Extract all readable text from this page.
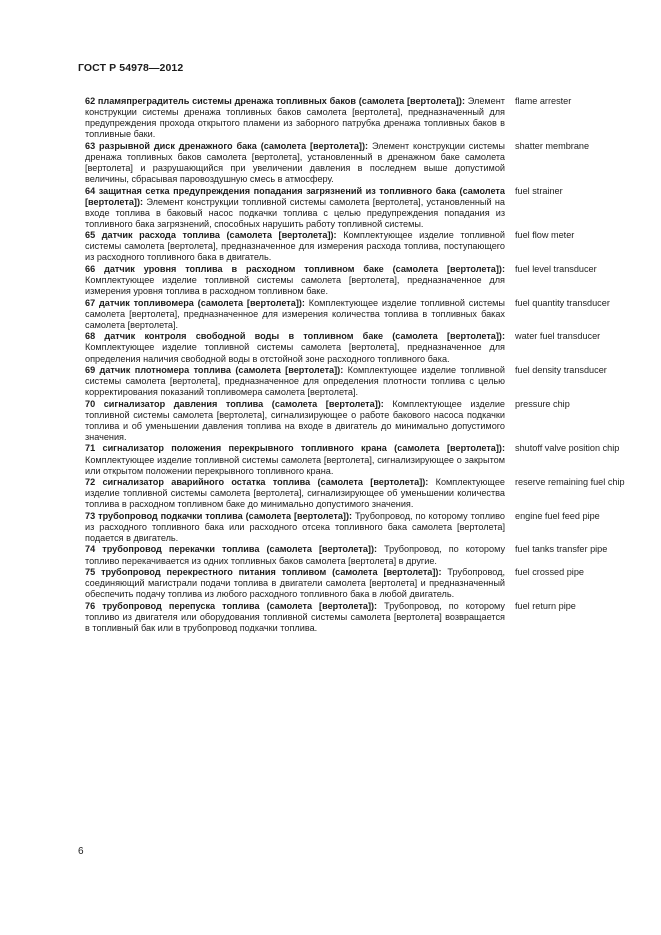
ГОСТ Р 54978—2012
62 пламяпреградитель системы дренажа топливных баков (самолета [вертолета]): Элемент конструкции системы дренажа топливных баков самолета [вертолета], предназначенный для предупреждения прохода открытого пламени из заборного патрубка дренажа топливных баков в топливные баки.
flame arrester
63 разрывной диск дренажного бака (самолета [вертолета]): Элемент конструкции системы дренажа топливных баков самолета [вертолета], установленный в дренажном баке самолета [вертолета] и разрушающийся при увеличении давления в последнем выше допустимой величины, сбрасывая паровоздушную смесь в атмосферу.
shatter membrane
64 защитная сетка предупреждения попадания загрязнений из топливного бака (самолета [вертолета]): Элемент конструкции топливной системы самолета [вертолета], установленный на входе топлива в баковый насос подкачки топлива с целью предупреждения попадания из топливного бака загрязнений, способных нарушить работу топливной системы.
fuel strainer
65 датчик расхода топлива (самолета [вертолета]): Комплектующее изделие топливной системы самолета [вертолета], предназначенное для измерения расхода топлива, поступающего из расходного топливного бака в двигатель.
fuel flow meter
66 датчик уровня топлива в расходном топливном баке (самолета [вертолета]): Комплектующее изделие топливной системы самолета [вертолета], предназначенное для измерения уровня топлива в расходном топливном баке.
fuel level transducer
67 датчик топливомера (самолета [вертолета]): Комплектующее изделие топливной системы самолета [вертолета], предназначенное для измерения количества топлива в топливных баках самолета [вертолета].
fuel quantity transducer
68 датчик контроля свободной воды в топливном баке (самолета [вертолета]): Комплектующее изделие топливной системы самолета [вертолета], предназначенное для определения наличия свободной воды в отстойной зоне расходного топливного бака.
water fuel transducer
69 датчик плотномера топлива (самолета [вертолета]): Комплектующее изделие топливной системы самолета [вертолета], предназначенное для определения плотности топлива с целью корректирования показаний топливомера самолета [вертолета].
fuel density transducer
70 сигнализатор давления топлива (самолета [вертолета]): Комплектующее изделие топливной системы самолета [вертолета], сигнализирующее о работе бакового насоса подкачки топлива и об уменьшении давления топлива на входе в двигатель до минимально допустимого значения.
pressure chip
71 сигнализатор положения перекрывного топливного крана (самолета [вертолета]): Комплектующее изделие топливной системы самолета [вертолета], сигнализирующее о закрытом или открытом положении перекрывного топливного крана.
shutoff valve position chip
72 сигнализатор аварийного остатка топлива (самолета [вертолета]): Комплектующее изделие топливной системы самолета [вертолета], сигнализирующее об уменьшении количества топлива в расходном топливном баке до минимально допустимого значения.
reserve remaining fuel chip
73 трубопровод подкачки топлива (самолета [вертолета]): Трубопровод, по которому топливо из расходного топливного бака или расходного отсека топливного бака самолета [вертолета] подается в двигатель.
engine fuel feed pipe
74 трубопровод перекачки топлива (самолета [вертолета]): Трубопровод, по которому топливо перекачивается из одних топливных баков самолета [вертолета] в другие.
fuel tanks transfer pipe
75 трубопровод перекрестного питания топливом (самолета [вертолета]): Трубопровод, соединяющий магистрали подачи топлива в двигатели самолета [вертолета] и предназначенный обеспечить подачу топлива из любого расходного топливного бака в любой двигатель.
fuel crossed pipe
76 трубопровод перепуска топлива (самолета [вертолета]): Трубопровод, по которому топливо из двигателя или оборудования топливной системы самолета [вертолета] возвращается в топливный бак или в трубопровод подкачки топлива.
fuel return pipe
6
